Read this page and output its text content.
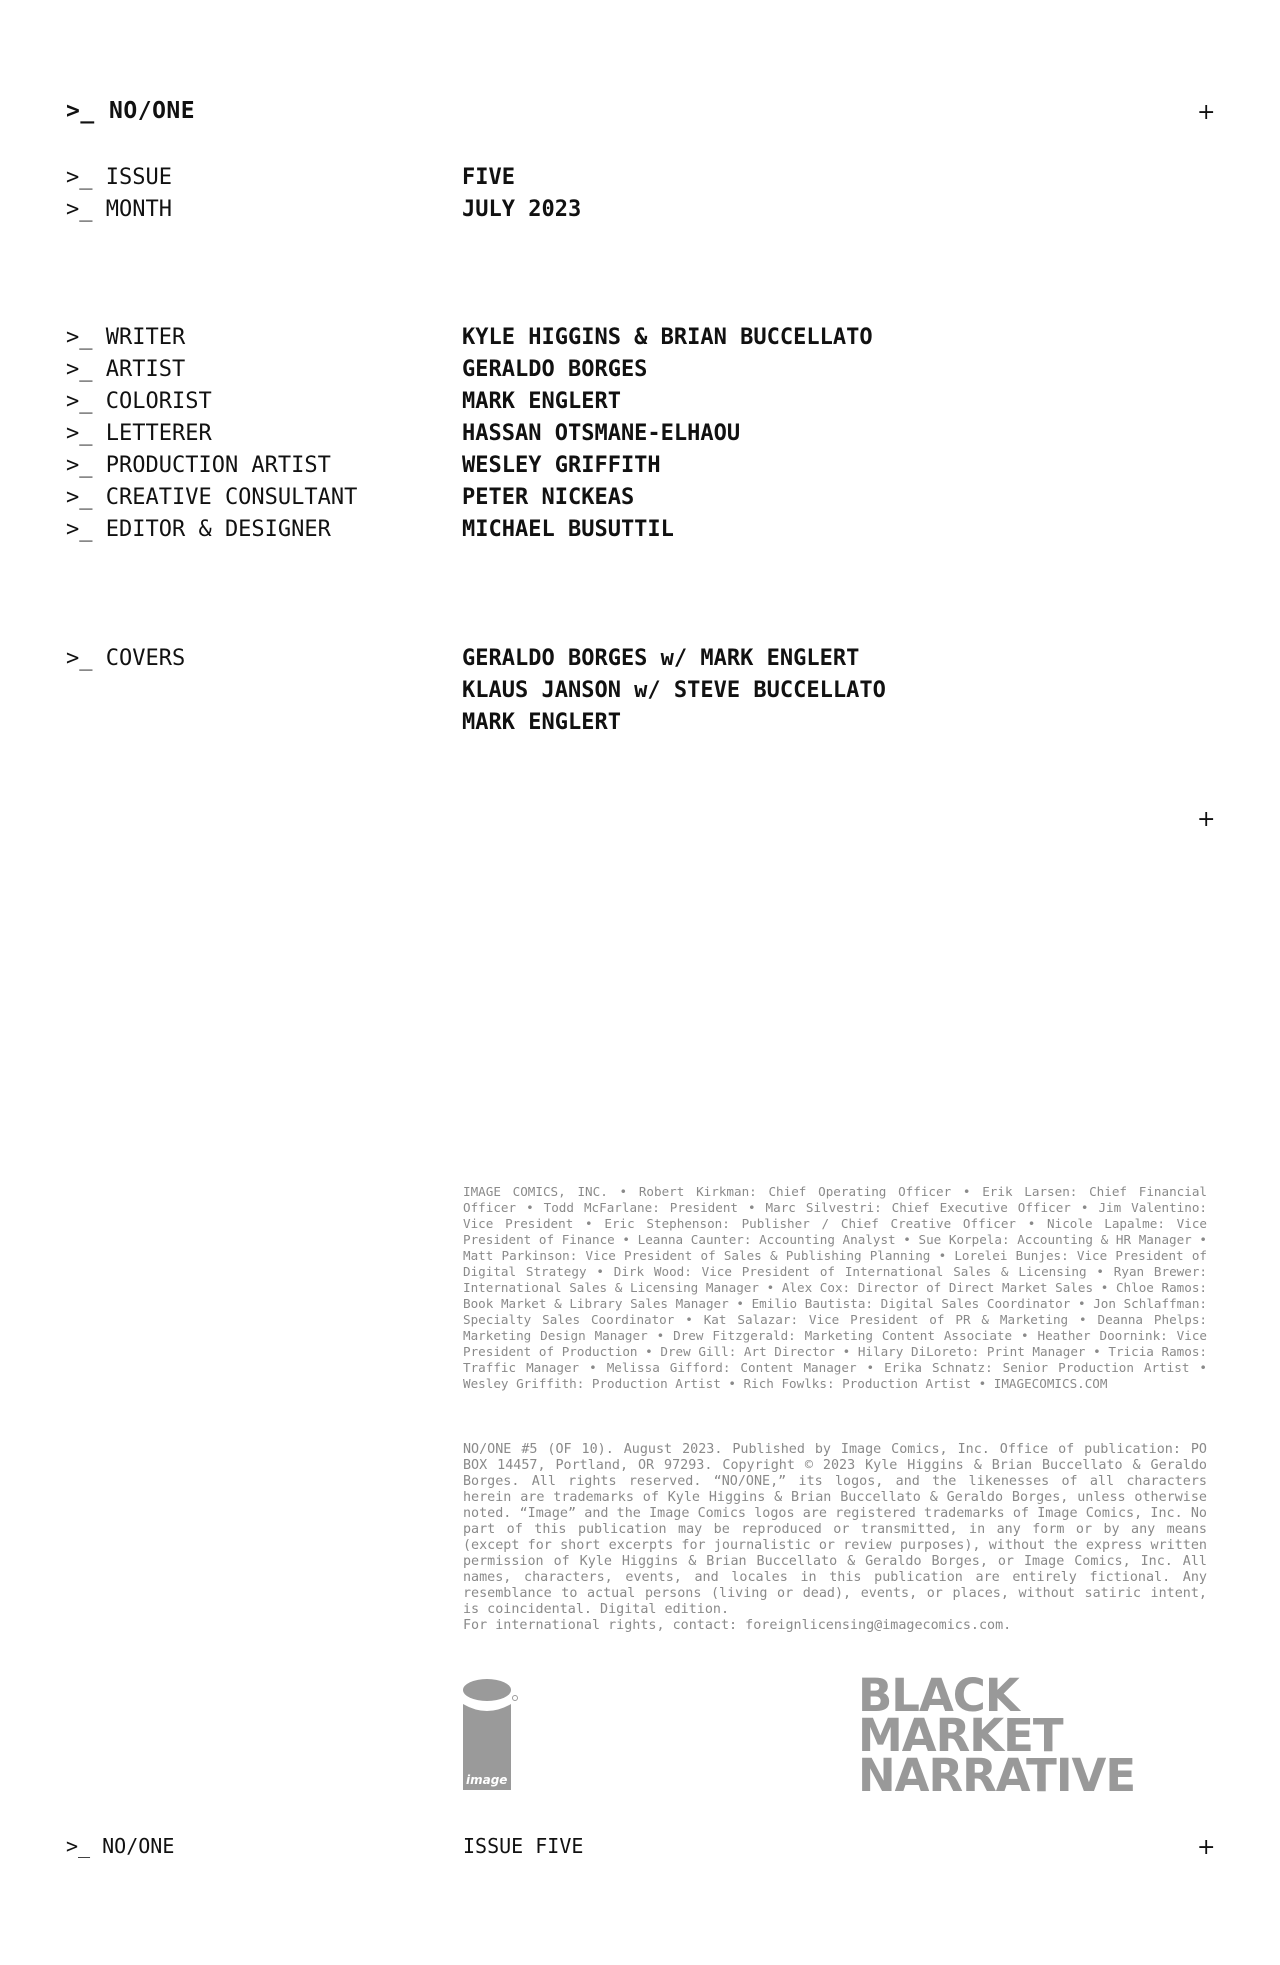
>_ NO/ONE	+
>_ ISSUE	FIVE
>_ MONTH	JULY 2023
>_ WRITER	KYLE HIGGINS & BRIAN BUCCELLATO
>_ ARTIST	GERALDO BORGES
>_ COLORIST	MARK ENGLERT
>_ LETTERER	HASSAN OTSMANE-ELHAOU
>_ PRODUCTION ARTIST	WESLEY GRIFFITH
>_ CREATIVE CONSULTANT	PETER NICKEAS
>_ EDITOR & DESIGNER	MICHAEL BUSUTTIL
>_ COVERS	GERALDO BORGES w/ MARK ENGLERT
KLAUS JANSON w/ STEVE BUCCELLATO
MARK ENGLERT
+
IMAGE COMICS, INC. • Robert Kirkman: Chief Operating Officer • Erik Larsen: Chief Financial Officer • Todd McFarlane: President • Marc Silvestri: Chief Executive Officer • Jim Valentino: Vice President • Eric Stephenson: Publisher / Chief Creative Officer • Nicole Lapalme: Vice President of Finance • Leanna Caunter: Accounting Analyst • Sue Korpela: Accounting & HR Manager • Matt Parkinson: Vice President of Sales & Publishing Planning • Lorelei Bunjes: Vice President of Digital Strategy • Dirk Wood: Vice President of International Sales & Licensing • Ryan Brewer: International Sales & Licensing Manager • Alex Cox: Director of Direct Market Sales • Chloe Ramos: Book Market & Library Sales Manager • Emilio Bautista: Digital Sales Coordinator • Jon Schlaffman: Specialty Sales Coordinator • Kat Salazar: Vice President of PR & Marketing • Deanna Phelps: Marketing Design Manager • Drew Fitzgerald: Marketing Content Associate • Heather Doornink: Vice President of Production • Drew Gill: Art Director • Hilary DiLoreto: Print Manager • Tricia Ramos: Traffic Manager • Melissa Gifford: Content Manager • Erika Schnatz: Senior Production Artist • Wesley Griffith: Production Artist • Rich Fowlks: Production Artist • IMAGECOMICS.COM
NO/ONE #5 (OF 10). August 2023. Published by Image Comics, Inc. Office of publication: PO BOX 14457, Portland, OR 97293. Copyright © 2023 Kyle Higgins & Brian Buccellato & Geraldo Borges. All rights reserved. “NO/ONE,” its logos, and the likenesses of all characters herein are trademarks of Kyle Higgins & Brian Buccellato & Geraldo Borges, unless otherwise noted. “Image” and the Image Comics logos are registered trademarks of Image Comics, Inc. No part of this publication may be reproduced or transmitted, in any form or by any means (except for short excerpts for journalistic or review purposes), without the express written permission of Kyle Higgins & Brian Buccellato & Geraldo Borges, or Image Comics, Inc. All names, characters, events, and locales in this publication are entirely fictional. Any resemblance to actual persons (living or dead), events, or places, without satiric intent, is coincidental. Digital edition.
For international rights, contact: foreignlicensing@imagecomics.com.
image
BLACK
MARKET
NARRATIVE
>_ NO/ONE	ISSUE FIVE	+
